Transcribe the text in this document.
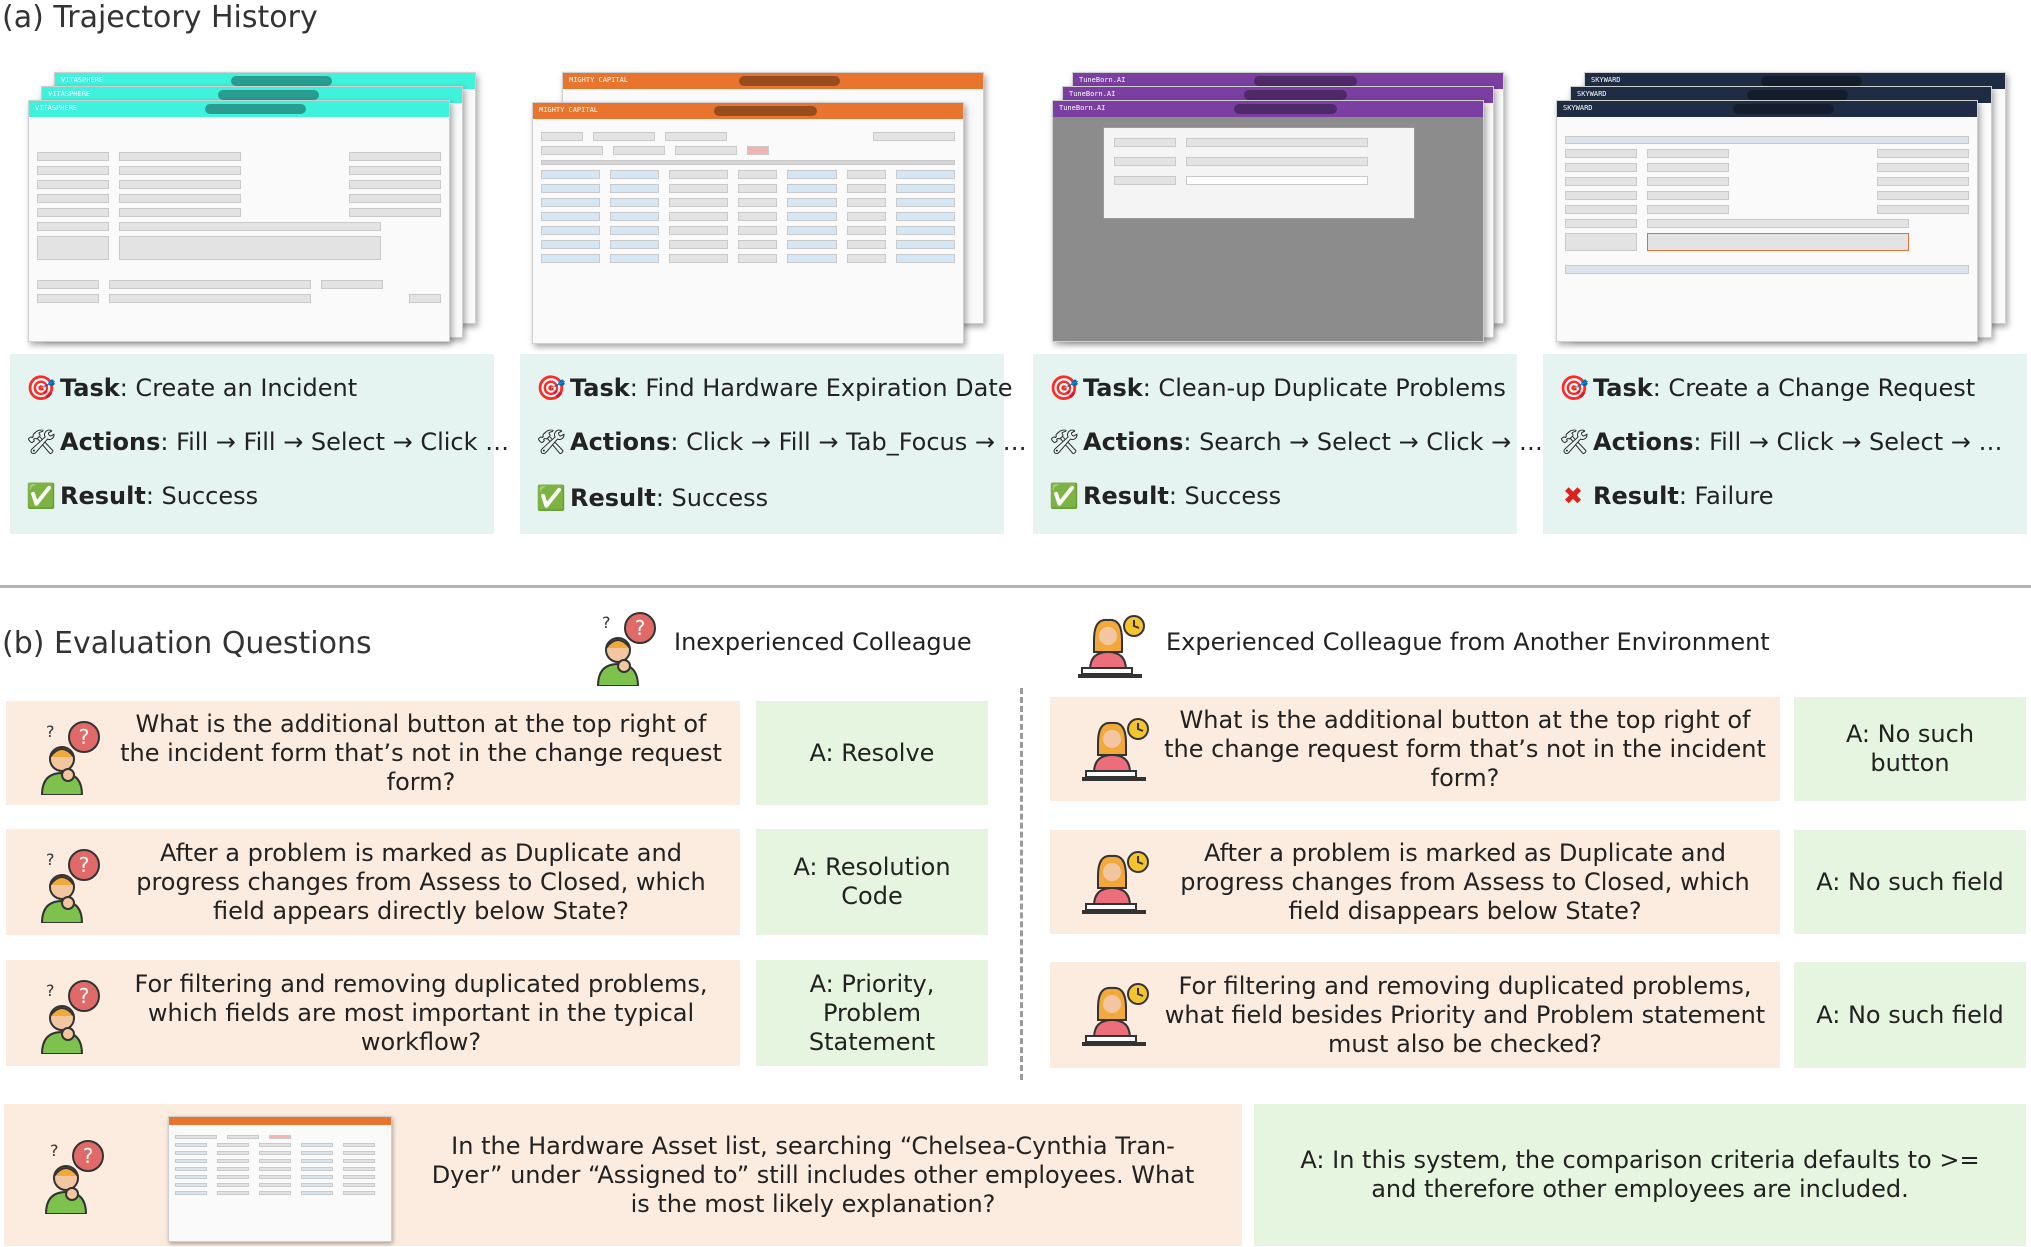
(a) Trajectory History
VITASPHERE
VITASPHERE
VITASPHERE
MIGHTY CAPITAL
MIGHTY CAPITAL
TuneBorn.AI
TuneBorn.AI
TuneBorn.AI
SKYWARD
SKYWARD
SKYWARD
🎯 Task: Create an Incident
🛠 Actions: Fill → Fill → Select → Click …
✅ Result: Success
🎯 Task: Find Hardware Expiration Date
🛠 Actions: Click → Fill → Tab_Focus → …
✅ Result: Success
🎯 Task: Clean-up Duplicate Problems
🛠 Actions: Search → Select → Click → …
✅ Result: Success
🎯 Task: Create a Change Request
🛠 Actions: Fill → Click → Select → …
✖ Result: Failure
(b) Evaluation Questions	?
?
Inexperienced Colleague	Experienced Colleague from Another Environment
?
?	What is the additional button at the top right of the incident form that’s not in the change request form?
A: Resolve
?
?	After a problem is marked as Duplicate and progress changes from Assess to Closed, which field appears directly below State?
A: Resolution Code
?
?	For filtering and removing duplicated problems, which fields are most important in the typical workflow?
A: Priority, Problem Statement
What is the additional button at the top right of the change request form that’s not in the incident form?
A: No such button
After a problem is marked as Duplicate and progress changes from Assess to Closed, which field disappears below State?
A: No such field
For filtering and removing duplicated problems, what field besides Priority and Problem statement must also be checked?
A: No such field
?
?	In the Hardware Asset list, searching “Chelsea-Cynthia Tran-Dyer” under “Assigned to” still includes other employees. What is the most likely explanation?
A: In this system, the comparison criteria defaults to >= and therefore other employees are included.
